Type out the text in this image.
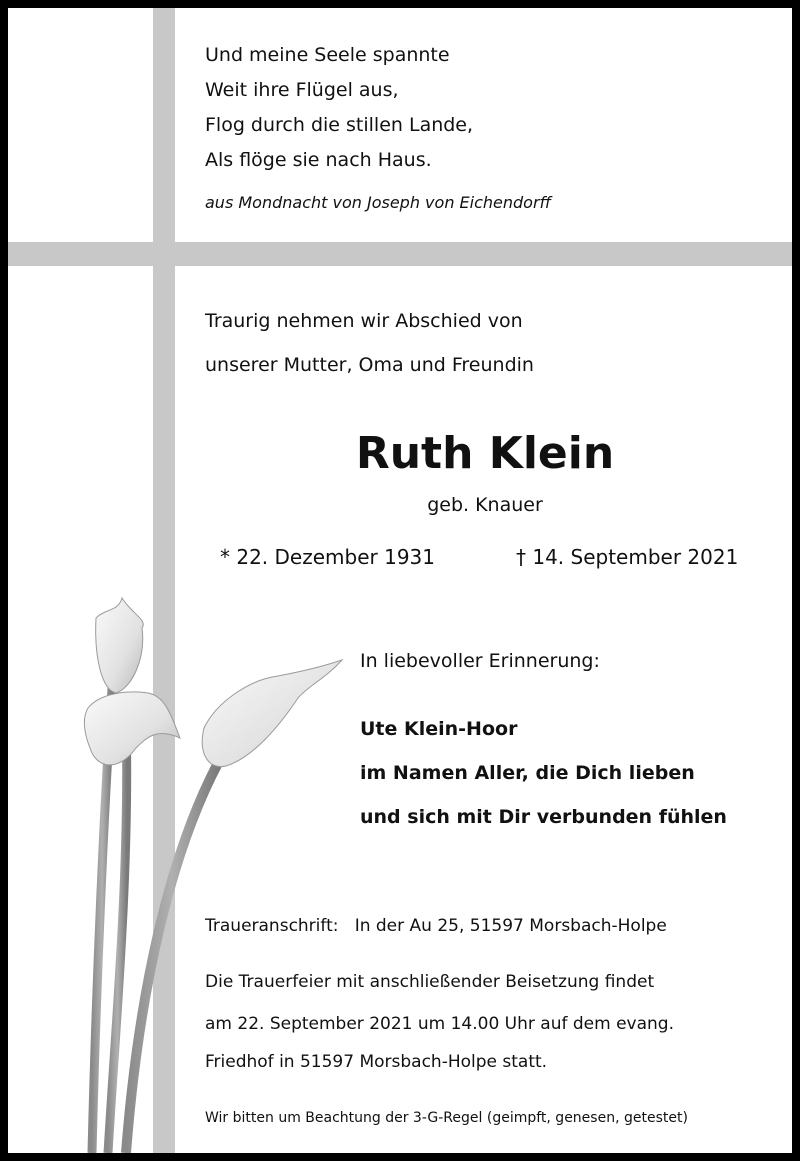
Und meine Seele spannte
Weit ihre Flügel aus,
Flog durch die stillen Lande,
Als flöge sie nach Haus.
aus Mondnacht von Joseph von Eichendorff
Traurig nehmen wir Abschied von
unserer Mutter, Oma und Freundin
Ruth Klein
geb. Knauer
* 22. Dezember 1931	† 14. September 2021
In liebevoller Erinnerung:
Ute Klein-Hoor
im Namen Aller, die Dich lieben
und sich mit Dir verbunden fühlen
Traueranschrift: In der Au 25, 51597 Morsbach-Holpe
Die Trauerfeier mit anschließender Beisetzung findet
am 22. September 2021 um 14.00 Uhr auf dem evang.
Friedhof in 51597 Morsbach-Holpe statt.
Wir bitten um Beachtung der 3-G-Regel (geimpft, genesen, getestet)
